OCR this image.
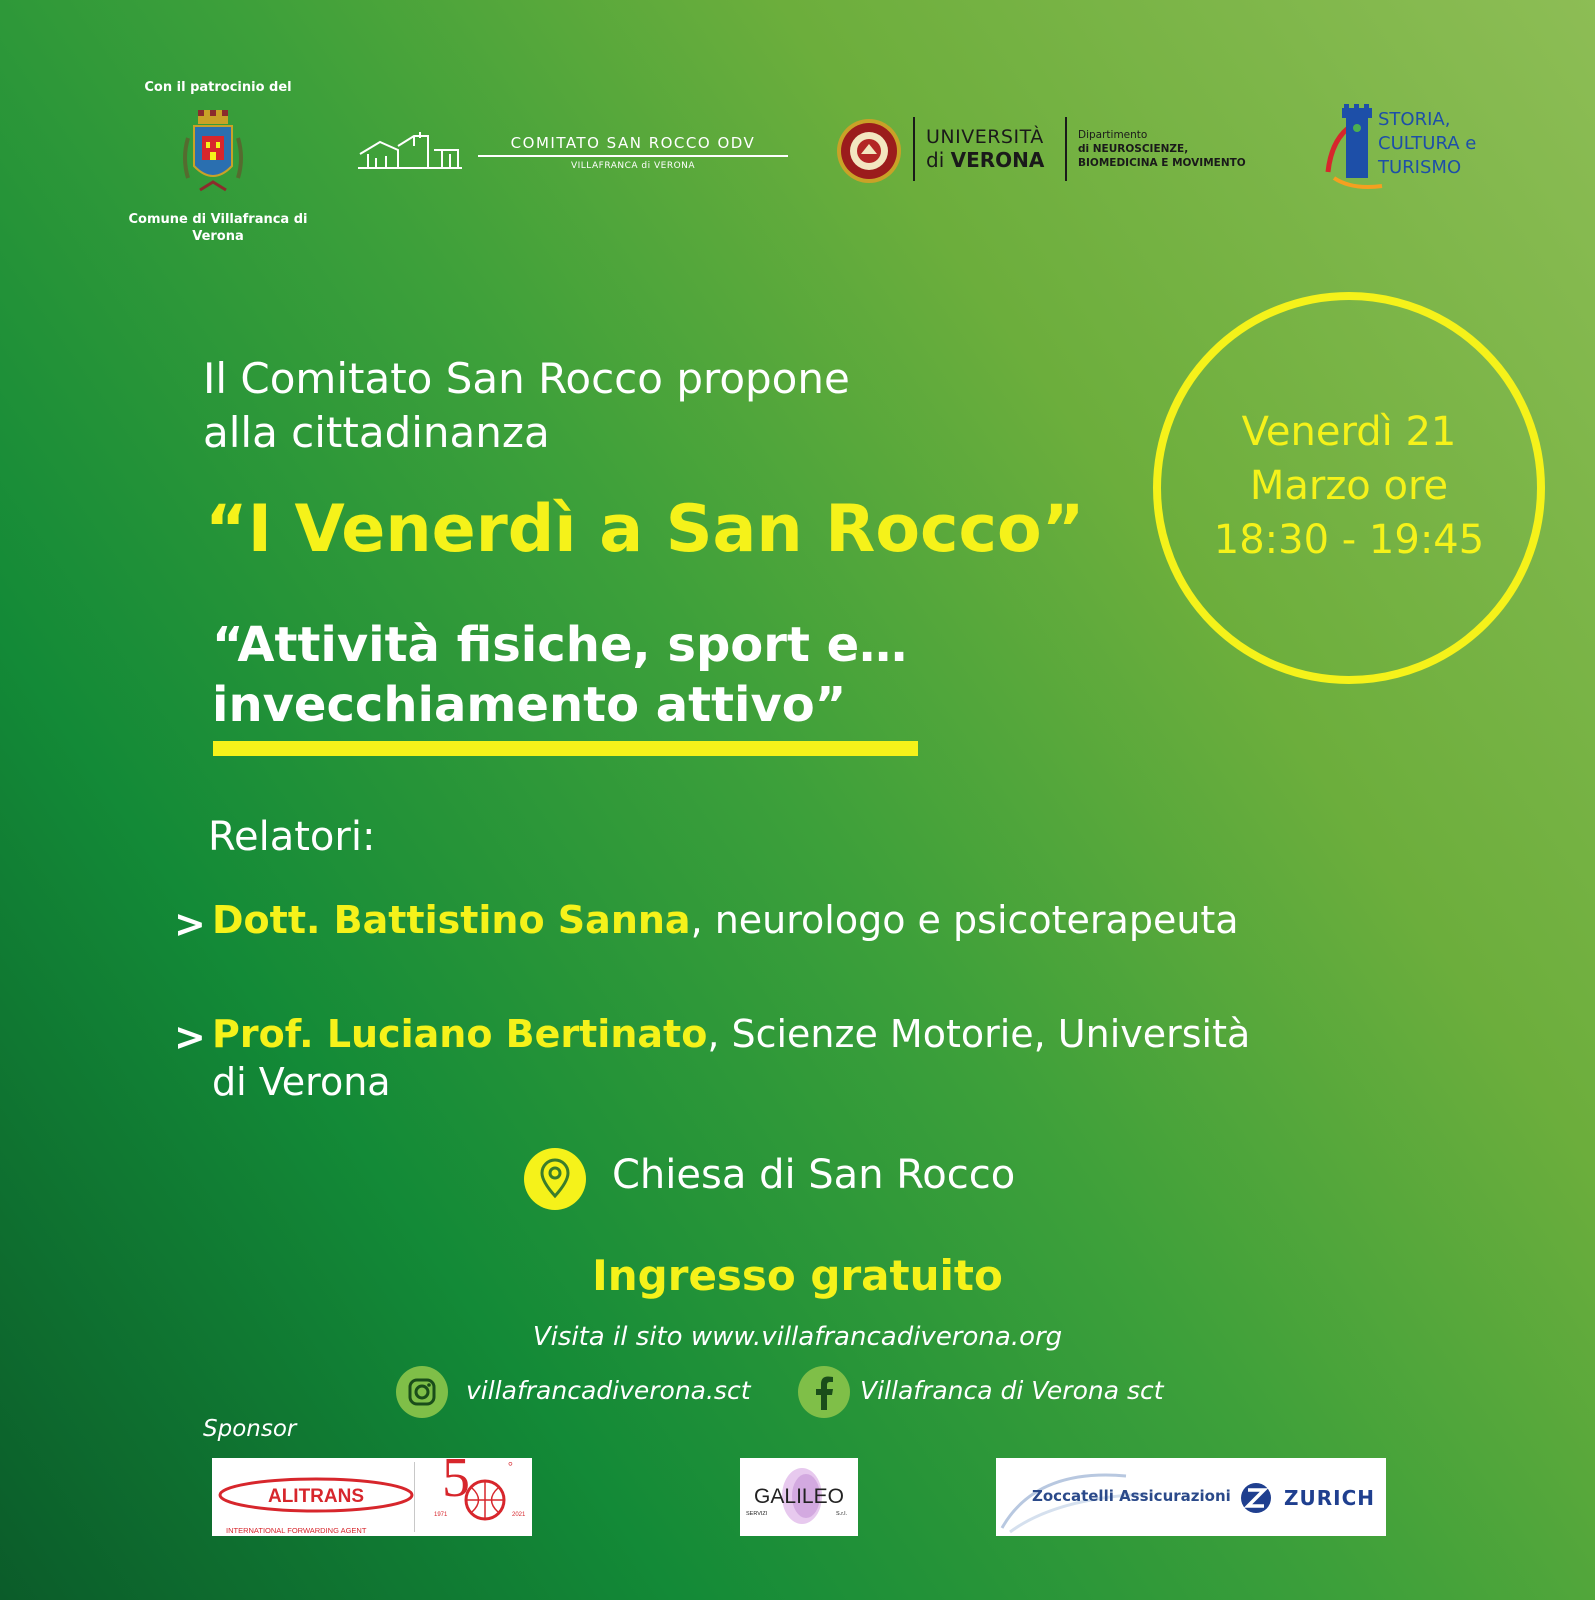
Con il patrocinio del
Comune di Villafranca di Verona
COMITATO SAN ROCCO ODV
VILLAFRANCA di VERONA
UNIVERSITÀ
di VERONA
Dipartimento
di NEUROSCIENZE,
BIOMEDICINA E MOVIMENTO
STORIA,
CULTURA e
TURISMO
Il Comitato San Rocco propone
alla cittadinanza
“I Venerdì a San Rocco”
“Attività fisiche, sport e…
invecchiamento attivo”
Venerdì 21
Marzo ore
18:30 - 19:45
Relatori:
> Dott. Battistino Sanna, neurologo e psicoterapeuta
> Prof. Luciano Bertinato, Scienze Motorie, Università di Verona
Chiesa di San Rocco
Ingresso gratuito
Visita il sito www.villafrancadiverona.org
villafrancadiverona.sct	Villafranca di Verona sct
Sponsor
ALITRANS
INTERNATIONAL FORWARDING AGENT
5	°
1971	2021
GALILEO
SERVIZI	S.r.l.
Zoccatelli Assicurazioni	ZURICH
